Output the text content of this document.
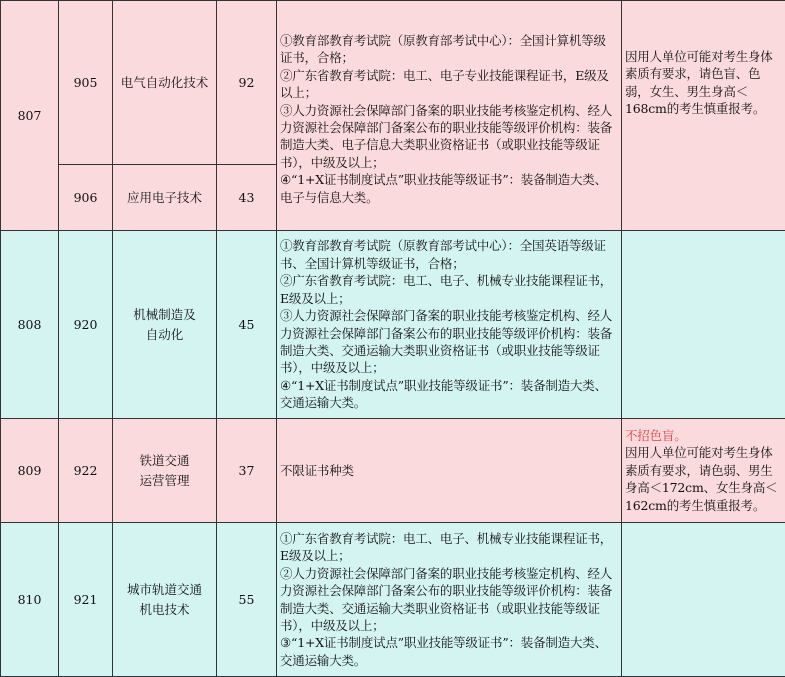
807	905	电气自动化技术	92	①教育部教育考试院（原教育部考试中心）：全国计算机等级证书，合格；
②广东省教育考试院：电工、电子专业技能课程证书，E级及以上；
③人力资源社会保障部门备案的职业技能考核鉴定机构、经人力资源社会保障部门备案公布的职业技能等级评价机构：装备制造大类、电子信息大类职业资格证书（或职业技能等级证书），中级及以上；
④“1+X证书制度试点”职业技能等级证书”：装备制造大类、电子与信息大类。	因用人单位可能对考生身体素质有要求，请色盲、色弱，女生、男生身高＜168cm的考生慎重报考。

	906	应用电子技术	43		
808	920	机械制造及
自动化	45	①教育部教育考试院（原教育部考试中心）：全国英语等级证书、全国计算机等级证书，合格；
②广东省教育考试院：电工、电子、机械专业技能课程证书，E级及以上；
③人力资源社会保障部门备案的职业技能考核鉴定机构、经人力资源社会保障部门备案公布的职业技能等级评价机构：装备制造大类、交通运输大类职业资格证书（或职业技能等级证书），中级及以上；
④“1+X证书制度试点”职业技能等级证书”：装备制造大类、交通运输大类。	

809	922	铁道交通
运营管理	37	不限证书种类	不招色盲。
因用人单位可能对考生身体素质有要求，请色弱、男生身高＜172cm、女生身高＜162cm的考生慎重报考。

810	921	城市轨道交通
机电技术	55	①广东省教育考试院：电工、电子、机械专业技能课程证书，E级及以上；
②人力资源社会保障部门备案的职业技能考核鉴定机构、经人力资源社会保障部门备案公布的职业技能等级评价机构：装备制造大类、交通运输大类职业资格证书（或职业技能等级证书），中级及以上；
③“1+X证书制度试点”职业技能等级证书”：装备制造大类、交通运输大类。	
